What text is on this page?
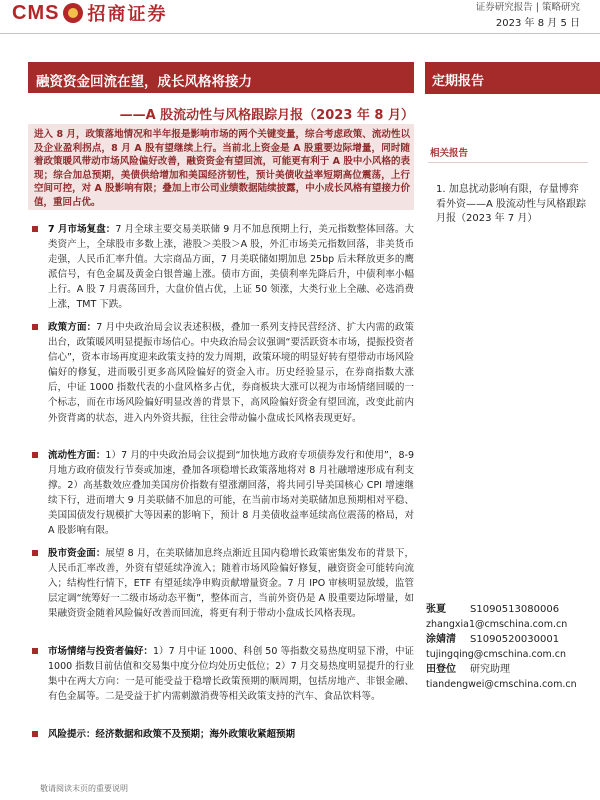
CMS 招商证券	证券研究报告 | 策略研究
2023 年 8 月 5 日
融资资金回流在望，成长风格将接力
——A 股流动性与风格跟踪月报（2023 年 8 月）
进入 8 月，政策落地情况和半年报是影响市场的两个关键变量，综合考虑政策、流动性以及企业盈利拐点，8 月 A 股有望继续上行。当前北上资金是 A 股重要边际增量，同时随着政策暖风带动市场风险偏好改善，融资资金有望回流，可能更有利于 A 股中小风格的表现；综合加总预期，美债供给增加和美国经济韧性，预计美债收益率短期高位震荡，上行空间可控，对 A 股影响有限；叠加上市公司业绩数据陆续披露，中小成长风格有望接力价值，重回占优。
定期报告
相关报告
1. 加息扰动影响有限，存量博弈看外资——A 股流动性与风格跟踪月报（2023 年 7 月）
7 月市场复盘：7 月全球主要交易美联储 9 月不加息预期上行，美元指数整体回落。大类资产上，全球股市多数上涨，港股＞美股＞A 股，外汇市场美元指数回落，非美货币走强，人民币汇率升值。大宗商品方面，7 月美联储如期加息 25bp 后未释放更多的鹰派信号，有色金属及黄金白银普遍上涨。债市方面，美债利率先降后升，中债利率小幅上行。A 股 7 月震荡回升，大盘价值占优，上证 50 领涨，大类行业上全融、必选消费上涨，TMT 下跌。
政策方面：7 月中央政治局会议表述积极，叠加一系列支持民营经济、扩大内需的政策出台，政策暖风明显提振市场信心。中央政治局会议强调“要活跃资本市场，提振投资者信心”，资本市场再度迎来政策支持的发力周期，政策环境的明显好转有望带动市场风险偏好的修复，进而吸引更多高风险偏好的资金入市。历史经验显示，在券商指数大涨后，中证 1000 指数代表的小盘风格多占优，券商板块大涨可以视为市场情绪回暖的一个标志，而在市场风险偏好明显改善的背景下，高风险偏好资金有望回流，改变此前内外资背离的状态，进入内外资共振，往往会带动偏小盘成长风格表现更好。
流动性方面：1）7 月的中央政治局会议提到“加快地方政府专项债券发行和使用”，8-9 月地方政府债发行节奏或加速，叠加各项稳增长政策落地将对 8 月社融增速形成有利支撑。2）高基数效应叠加美国房价指数有望涨潮回落，将共同引导美国核心 CPI 增速继续下行，进而增大 9 月美联储不加息的可能，在当前市场对美联储加息预期相对平稳、美国国债发行规模扩大等因素的影响下，预计 8 月美债收益率延续高位震荡的格局，对 A 股影响有限。
股市资金面：展望 8 月，在美联储加息终点渐近且国内稳增长政策密集发布的背景下，人民币汇率改善，外资有望延续净流入；随着市场风险偏好修复，融资资金可能转向流入；结构性行情下，ETF 有望延续净申购贡献增量资金。7 月 IPO 审核明显放缓，监管层定调“统筹好一二级市场动态平衡”，整体而言，当前外资仍是 A 股重要边际增量，如果融资资金随着风险偏好改善而回流，将更有利于带动小盘成长风格表现。
市场情绪与投资者偏好：1）7 月中证 1000、科创 50 等指数交易热度明显下滑，中证 1000 指数目前估值和交易集中度分位均处历史低位；2）7 月交易热度明显提升的行业集中在两大方向：一是可能受益于稳增长政策预期的顺周期，包括房地产、非银金融、有色金属等。二是受益于扩内需刺激消费等相关政策支持的汽车、食品饮料等。
风险提示：经济数据和政策不及预期；海外政策收紧超预期
张夏 S1090513080006
zhangxia1@cmschina.com.cn
涂婧清 S1090520030001
tujingqing@cmschina.com.cn
田登位 研究助理
tiandengwei@cmschina.com.cn
敬请阅读末页的重要说明
